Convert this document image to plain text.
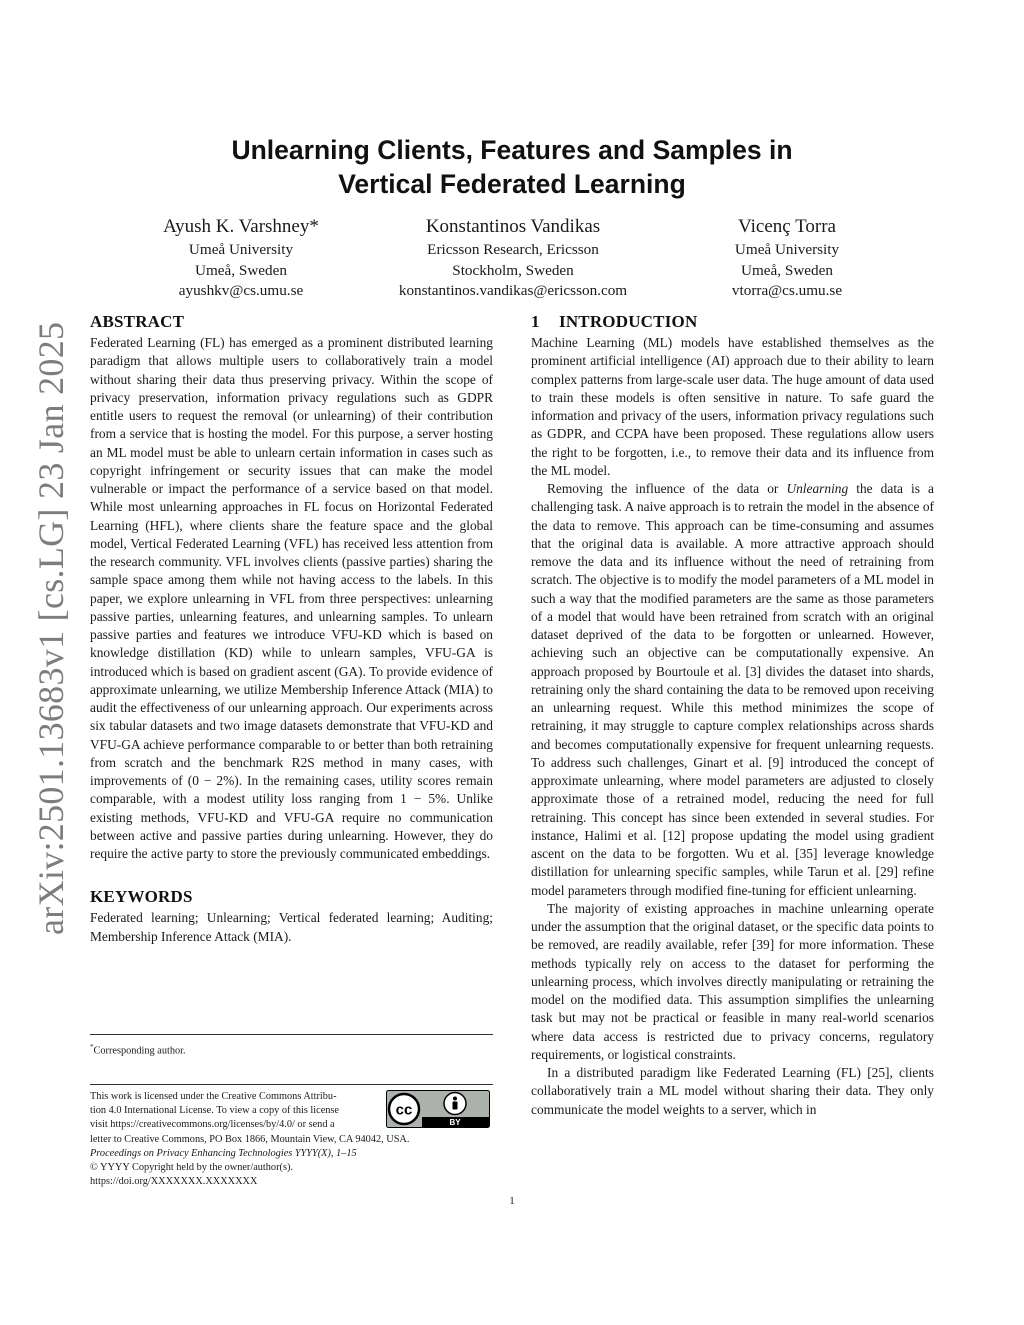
arXiv:2501.13683v1 [cs.LG] 23 Jan 2025
Unlearning Clients, Features and Samples in
Vertical Federated Learning
Ayush K. Varshney*
Umeå University
Umeå, Sweden
ayushkv@cs.umu.se
Konstantinos Vandikas
Ericsson Research, Ericsson
Stockholm, Sweden
konstantinos.vandikas@ericsson.com
Vicenç Torra
Umeå University
Umeå, Sweden
vtorra@cs.umu.se
ABSTRACT

Federated Learning (FL) has emerged as a prominent distributed learning paradigm that allows multiple users to collaboratively train a model without sharing their data thus preserving privacy. Within the scope of privacy preservation, information privacy regulations such as GDPR entitle users to request the removal (or unlearning) of their contribution from a service that is hosting the model. For this purpose, a server hosting an ML model must be able to unlearn certain information in cases such as copyright infringement or security issues that can make the model vulnerable or impact the performance of a service based on that model. While most unlearning approaches in FL focus on Horizontal Federated Learning (HFL), where clients share the feature space and the global model, Vertical Federated Learning (VFL) has received less attention from the research community. VFL involves clients (passive parties) sharing the sample space among them while not having access to the labels. In this paper, we explore unlearning in VFL from three perspectives: unlearning passive parties, unlearning features, and unlearning samples. To unlearn passive parties and features we introduce VFU-KD which is based on knowledge distillation (KD) while to unlearn samples, VFU-GA is introduced which is based on gradient ascent (GA). To provide evidence of approximate unlearning, we utilize Membership Inference Attack (MIA) to audit the effectiveness of our unlearning approach. Our experiments across six tabular datasets and two image datasets demonstrate that VFU-KD and VFU-GA achieve performance comparable to or better than both retraining from scratch and the benchmark R2S method in many cases, with improvements of (0 − 2%). In the remaining cases, utility scores remain comparable, with a modest utility loss ranging from 1 − 5%. Unlike existing methods, VFU-KD and VFU-GA require no communication between active and passive parties during unlearning. However, they do require the active party to store the previously communicated embeddings.

KEYWORDS

Federated learning; Unlearning; Vertical federated learning; Auditing; Membership Inference Attack (MIA).

*Corresponding author.
This work is licensed under the Creative Commons Attribu-
tion 4.0 International License. To view a copy of this license
visit https://creativecommons.org/licenses/by/4.0/ or send a
letter to Creative Commons, PO Box 1866, Mountain View, CA 94042, USA.
Proceedings on Privacy Enhancing Technologies YYYY(X), 1–15
© YYYY Copyright held by the owner/author(s).
https://doi.org/XXXXXXX.XXXXXXX
cc
BY
1 INTRODUCTION

Machine Learning (ML) models have established themselves as the prominent artificial intelligence (AI) approach due to their ability to learn complex patterns from large-scale user data. The huge amount of data used to train these models is often sensitive in nature. To safe guard the information and privacy of the users, information privacy regulations such as GDPR, and CCPA have been proposed. These regulations allow users the right to be forgotten, i.e., to remove their data and its influence from the ML model.

Removing the influence of the data or Unlearning the data is a challenging task. A naive approach is to retrain the model in the absence of the data to remove. This approach can be time-consuming and assumes that the original data is available. A more attractive approach should remove the data and its influence without the need of retraining from scratch. The objective is to modify the model parameters of a ML model in such a way that the modified parameters are the same as those parameters of a model that would have been retrained from scratch with an original dataset deprived of the data to be forgotten or unlearned. However, achieving such an objective can be computationally expensive. An approach proposed by Bourtoule et al. [3] divides the dataset into shards, retraining only the shard containing the data to be removed upon receiving an unlearning request. While this method minimizes the scope of retraining, it may struggle to capture complex relationships across shards and becomes computationally expensive for frequent unlearning requests. To address such challenges, Ginart et al. [9] introduced the concept of approximate unlearning, where model parameters are adjusted to closely approximate those of a retrained model, reducing the need for full retraining. This concept has since been extended in several studies. For instance, Halimi et al. [12] propose updating the model using gradient ascent on the data to be forgotten. Wu et al. [35] leverage knowledge distillation for unlearning specific samples, while Tarun et al. [29] refine model parameters through modified fine-tuning for efficient unlearning.

The majority of existing approaches in machine unlearning operate under the assumption that the original dataset, or the specific data points to be removed, are readily available, refer [39] for more information. These methods typically rely on access to the dataset for performing the unlearning process, which involves directly manipulating or retraining the model on the modified data. This assumption simplifies the unlearning task but may not be practical or feasible in many real-world scenarios where data access is restricted due to privacy concerns, regulatory requirements, or logistical constraints.

In a distributed paradigm like Federated Learning (FL) [25], clients collaboratively train a ML model without sharing their data. They only communicate the model weights to a server, which in

1
